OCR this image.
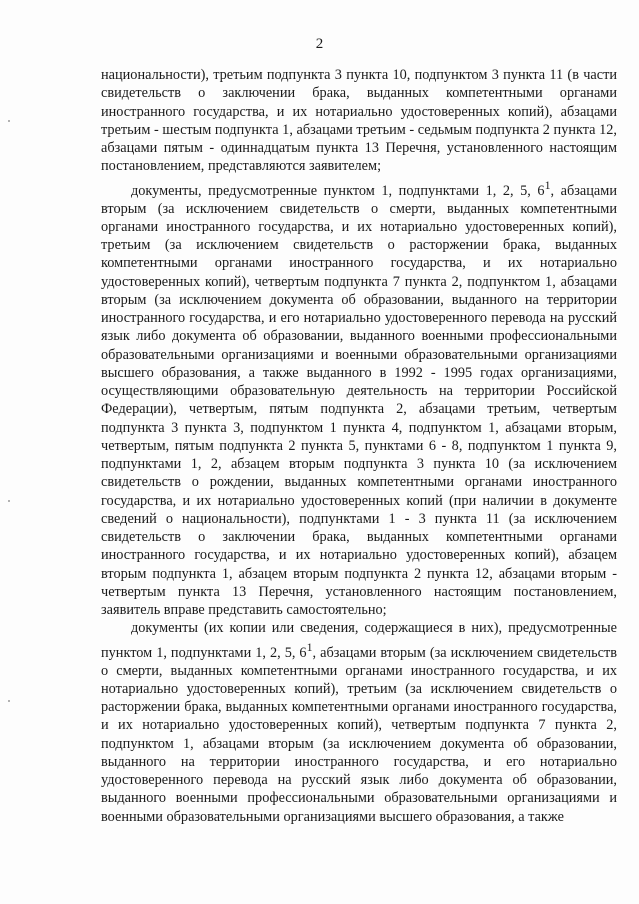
2

национальности), третьим подпункта 3 пункта 10, подпунктом 3 пункта 11 (в части свидетельств о заключении брака, выданных компетентными органами иностранного государства, и их нотариально удостоверенных копий), абзацами третьим - шестым подпункта 1, абзацами третьим - седьмым подпункта 2 пункта 12, абзацами пятым - одиннадцатым пункта 13 Перечня, установленного настоящим постановлением, представляются заявителем;

документы, предусмотренные пунктом 1, подпунктами 1, 2, 5, $6^1$, абзацами вторым (за исключением свидетельств о смерти, выданных компетентными органами иностранного государства, и их нотариально удостоверенных копий), третьим (за исключением свидетельств о расторжении брака, выданных компетентными органами иностранного государства, и их нотариально удостоверенных копий), четвертым подпункта 7 пункта 2, подпунктом 1, абзацами вторым (за исключением документа об образовании, выданного на территории иностранного государства, и его нотариально удостоверенного перевода на русский язык либо документа об образовании, выданного военными профессиональными образовательными организациями и военными образовательными организациями высшего образования, а также выданного в 1992 - 1995 годах организациями, осуществляющими образовательную деятельность на территории Российской Федерации), четвертым, пятым подпункта 2, абзацами третьим, четвертым подпункта 3 пункта 3, подпунктом 1 пункта 4, подпунктом 1, абзацами вторым, четвертым, пятым подпункта 2 пункта 5, пунктами 6 - 8, подпунктом 1 пункта 9, подпунктами 1, 2, абзацем вторым подпункта 3 пункта 10 (за исключением свидетельств о рождении, выданных компетентными органами иностранного государства, и их нотариально удостоверенных копий (при наличии в документе сведений о национальности), подпунктами 1 - 3 пункта 11 (за исключением свидетельств о заключении брака, выданных компетентными органами иностранного государства, и их нотариально удостоверенных копий), абзацем вторым подпункта 1, абзацем вторым подпункта 2 пункта 12, абзацами вторым - четвертым пункта 13 Перечня, установленного настоящим постановлением, заявитель вправе представить самостоятельно;

документы (их копии или сведения, содержащиеся в них), предусмотренные пунктом 1, подпунктами 1, 2, 5, $6^1$, абзацами вторым (за исключением свидетельств о смерти, выданных компетентными органами иностранного государства, и их нотариально удостоверенных копий), третьим (за исключением свидетельств о расторжении брака, выданных компетентными органами иностранного государства, и их нотариально удостоверенных копий), четвертым подпункта 7 пункта 2, подпунктом 1, абзацами вторым (за исключением документа об образовании, выданного на территории иностранного государства, и его нотариально удостоверенного перевода на русский язык либо документа об образовании, выданного военными профессиональными образовательными организациями и военными образовательными организациями высшего образования, а также
